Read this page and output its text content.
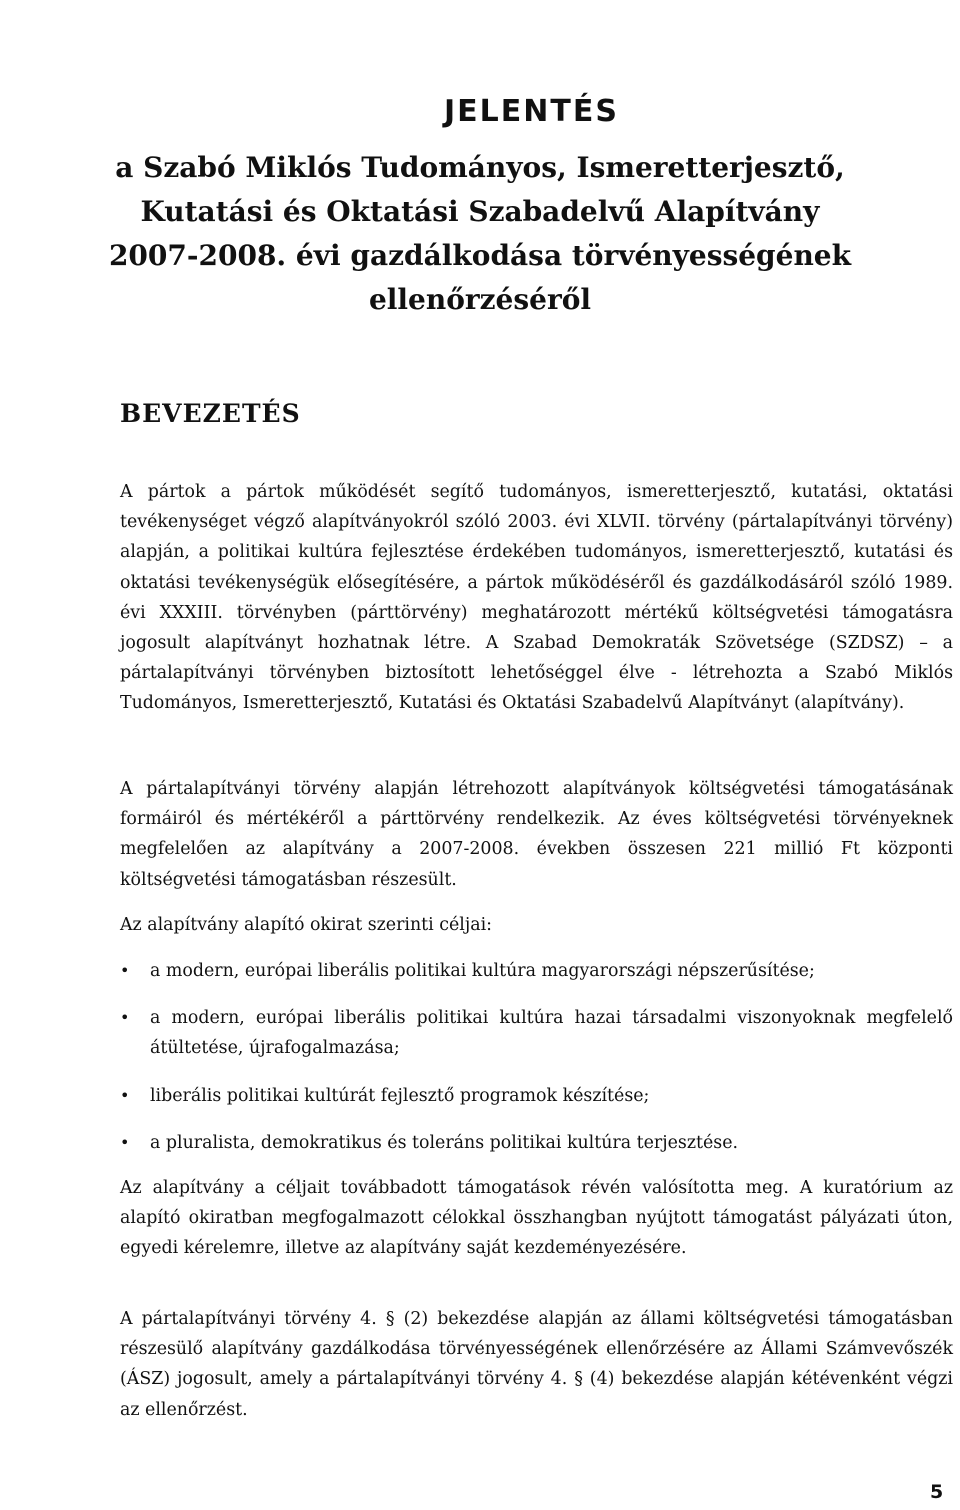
JELENTÉS
a Szabó Miklós Tudományos, Ismeretterjesztő,
Kutatási és Oktatási Szabadelvű Alapítvány
2007-2008. évi gazdálkodása törvényességének
ellenőrzéséről
BEVEZETÉS

A pártok a pártok működését segítő tudományos, ismeretterjesztő, kutatási, oktatási tevékenységet végző alapítványokról szóló 2003. évi XLVII. törvény (pártalapítványi törvény) alapján, a politikai kultúra fejlesztése érdekében tudományos, ismeretterjesztő, kutatási és oktatási tevékenységük elősegítésére, a pártok működéséről és gazdálkodásáról szóló 1989. évi XXXIII. törvényben (párttörvény) meghatározott mértékű költségvetési támogatásra jogosult alapítványt hozhatnak létre. A Szabad Demokraták Szövetsége (SZDSZ) – a pártalapítványi törvényben biztosított lehetőséggel élve - létrehozta a Szabó Miklós Tudományos, Ismeretterjesztő, Kutatási és Oktatási Szabadelvű Alapítványt (alapítvány).

A pártalapítványi törvény alapján létrehozott alapítványok költségvetési támogatásának formáiról és mértékéről a párttörvény rendelkezik. Az éves költségvetési törvényeknek megfelelően az alapítvány a 2007-2008. években összesen 221 millió Ft központi költségvetési támogatásban részesült.

Az alapítvány alapító okirat szerinti céljai:

• a modern, európai liberális politikai kultúra magyarországi népszerűsítése;
• a modern, európai liberális politikai kultúra hazai társadalmi viszonyoknak megfelelő átültetése, újrafogalmazása;
• liberális politikai kultúrát fejlesztő programok készítése;
• a pluralista, demokratikus és toleráns politikai kultúra terjesztése.

Az alapítvány a céljait továbbadott támogatások révén valósította meg. A kuratórium az alapító okiratban megfogalmazott célokkal összhangban nyújtott támogatást pályázati úton, egyedi kérelemre, illetve az alapítvány saját kezdeményezésére.

A pártalapítványi törvény 4. § (2) bekezdése alapján az állami költségvetési támogatásban részesülő alapítvány gazdálkodása törvényességének ellenőrzésére az Állami Számvevőszék (ÁSZ) jogosult, amely a pártalapítványi törvény 4. § (4) bekezdése alapján kétévenként végzi az ellenőrzést.

5
